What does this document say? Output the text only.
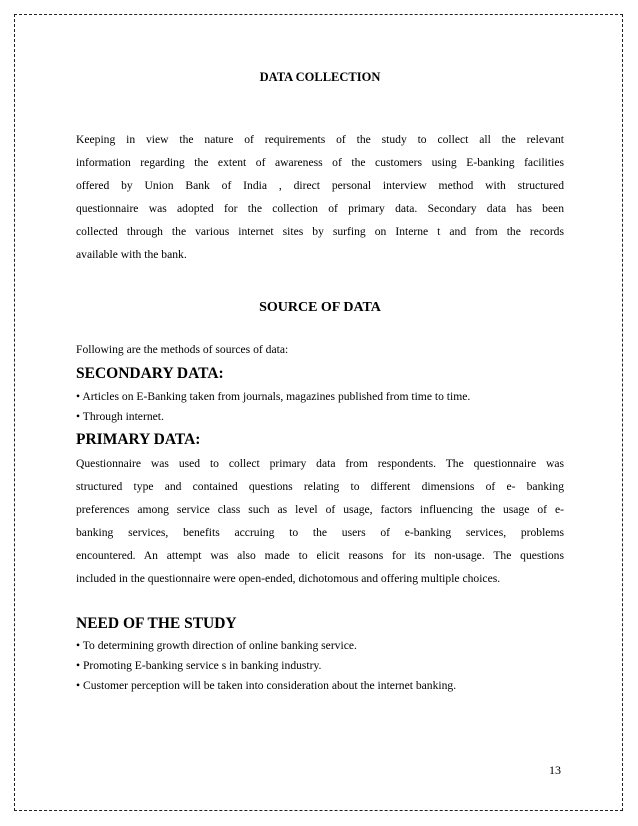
DATA COLLECTION
Keeping in view the nature of requirements of the study to collect all the relevant
information regarding the extent of awareness of the customers using E-banking facilities
offered by Union Bank of India , direct personal interview method with structured
questionnaire was adopted for the collection of primary data. Secondary data has been
collected through the various internet sites by surfing on Interne t and from the records
available with the bank.
SOURCE OF DATA

Following are the methods of sources of data:

SECONDARY DATA:

• Articles on E-Banking taken from journals, magazines published from time to time.

• Through internet.

PRIMARY DATA:
Questionnaire was used to collect primary data from respondents. The questionnaire was
structured type and contained questions relating to different dimensions of e- banking
preferences among service class such as level of usage, factors influencing the usage of e-
banking services, benefits accruing to the users of e-banking services, problems
encountered. An attempt was also made to elicit reasons for its non-usage. The questions
included in the questionnaire were open-ended, dichotomous and offering multiple choices.
NEED OF THE STUDY

• To determining growth direction of online banking service.

• Promoting E-banking service s in banking industry.

• Customer perception will be taken into consideration about the internet banking.

13
